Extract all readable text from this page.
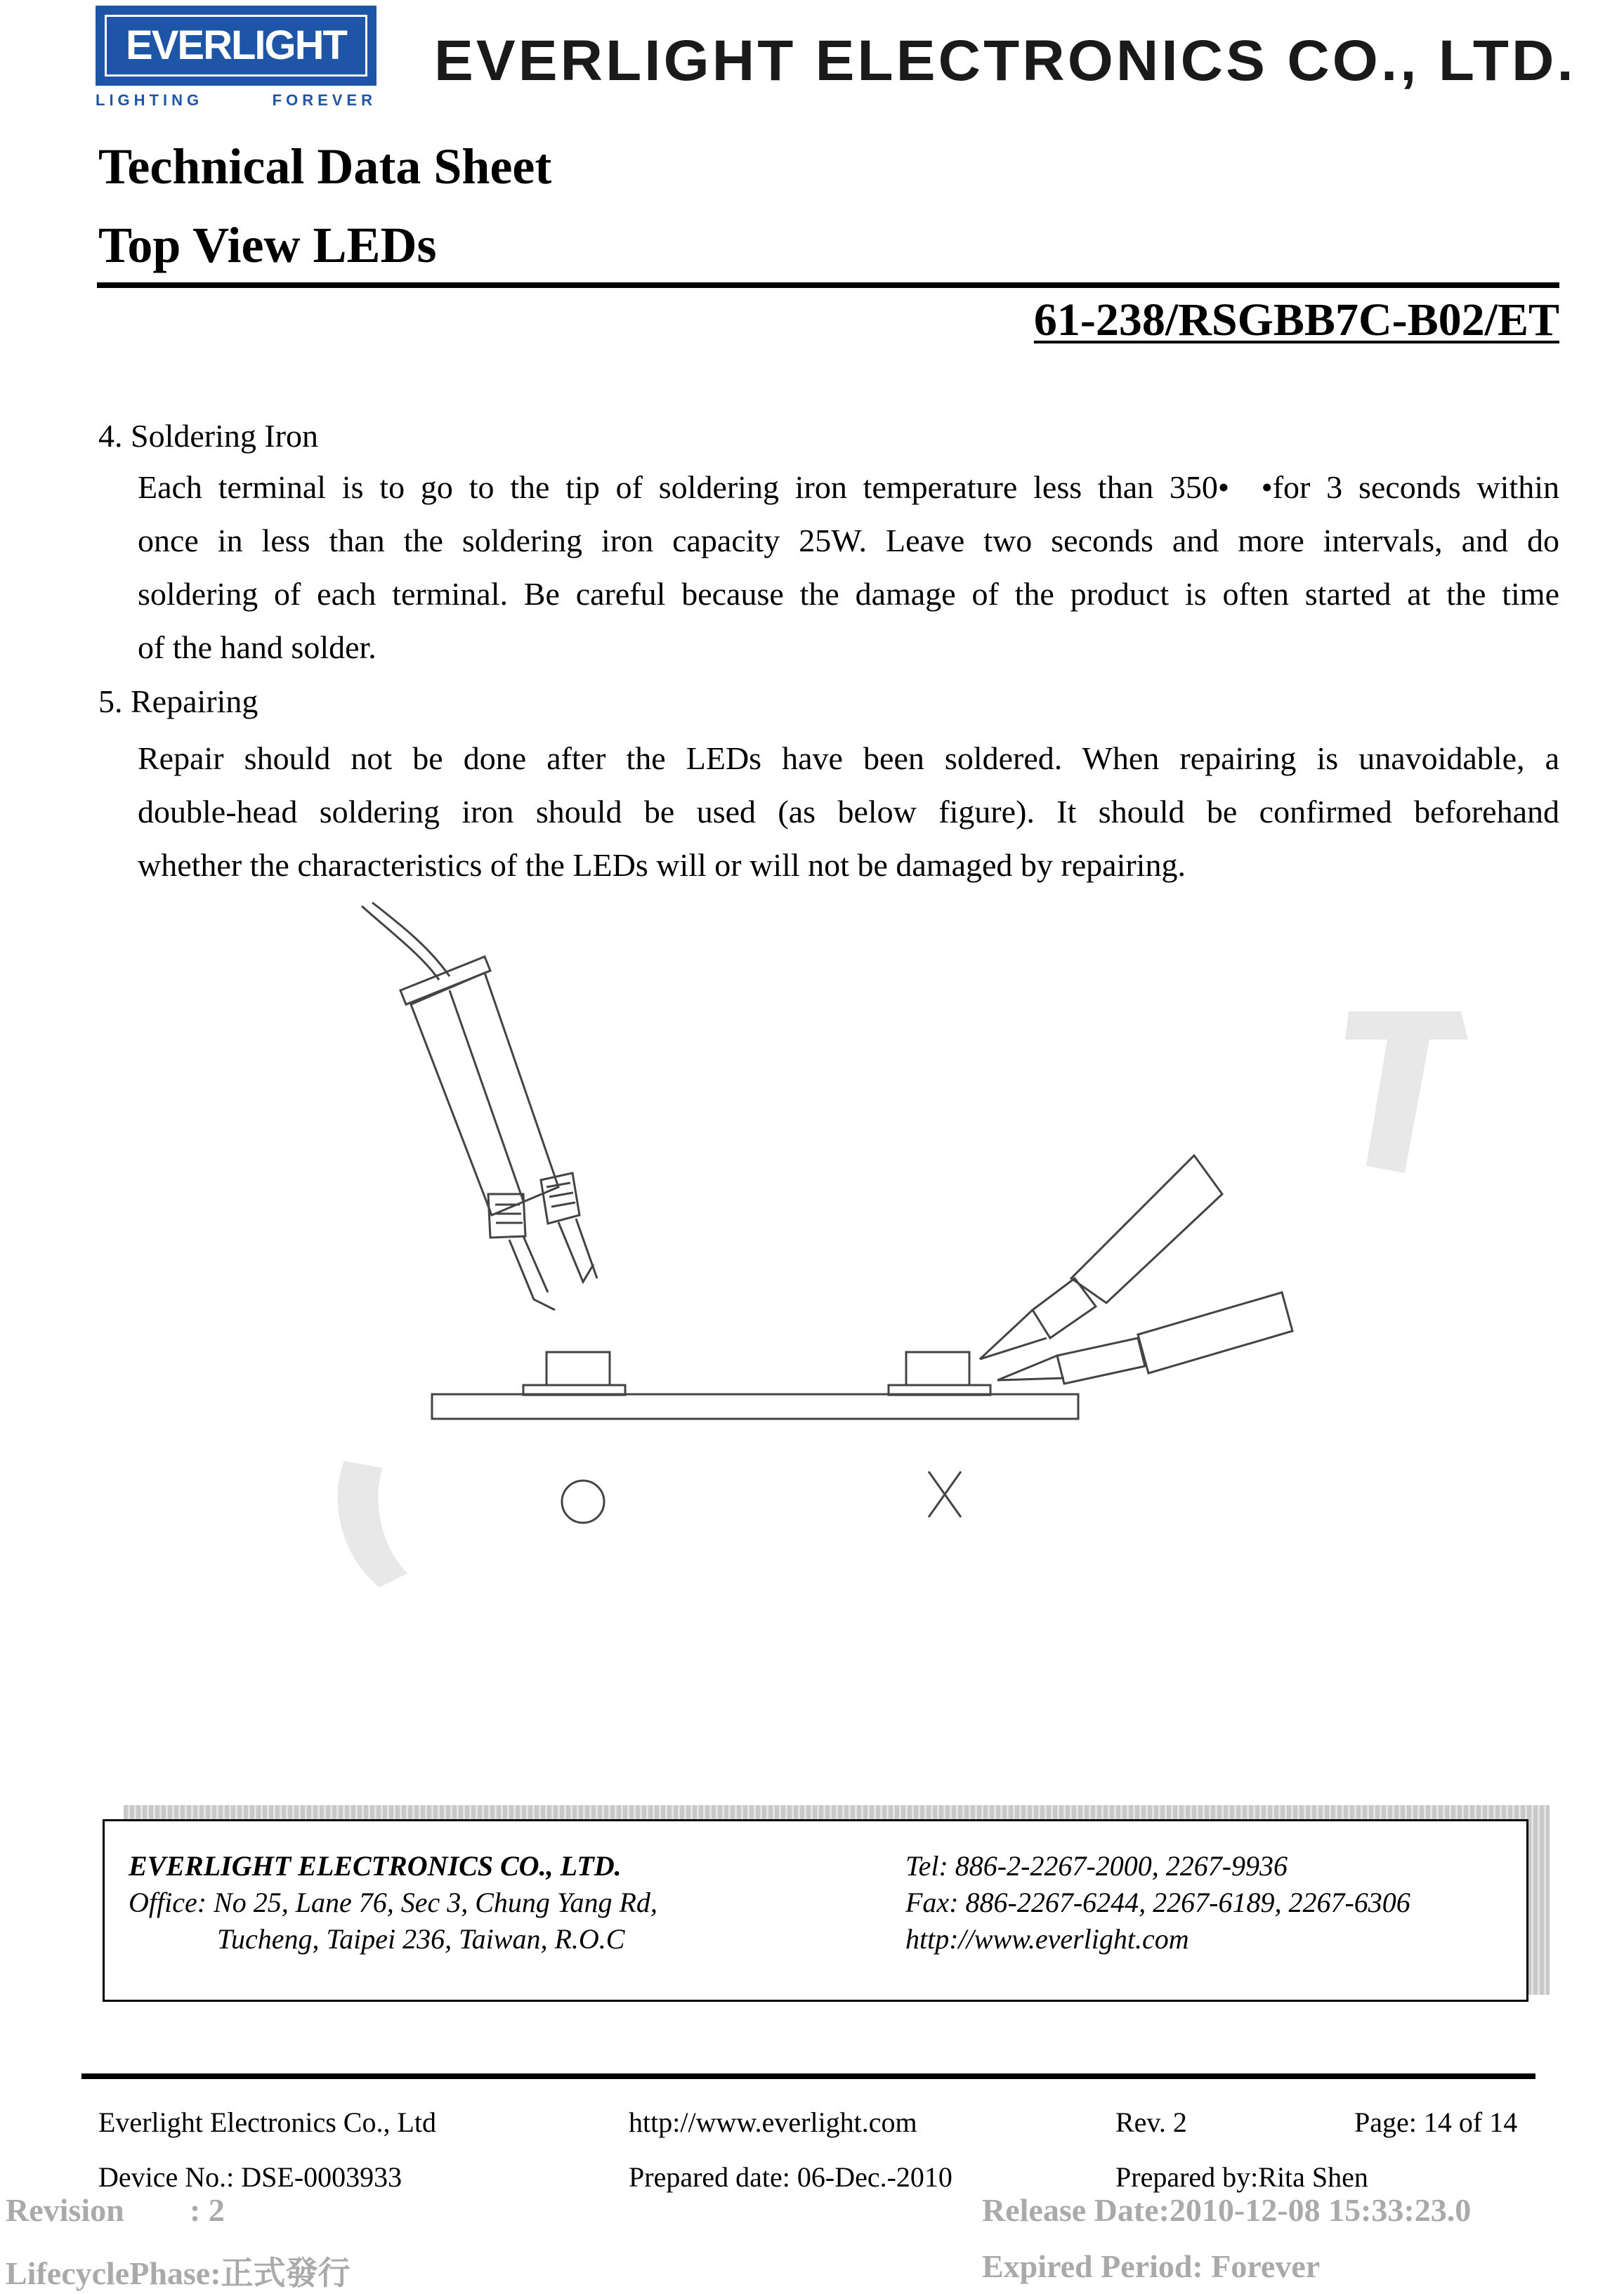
EVERLIGHT
LIGHTING	FOREVER
EVERLIGHT ELECTRONICS CO., LTD.
Technical Data Sheet
Top View LEDs
61-238/RSGBB7C-B02/ET
4. Soldering Iron
Each terminal is to go to the tip of soldering iron temperature less than 350•  •for 3 seconds within
once in less than the soldering iron capacity 25W. Leave two seconds and more intervals, and do
soldering of each terminal. Be careful because the damage of the product is often started at the time
of the hand solder.
5. Repairing
Repair should not be done after the LEDs have been soldered. When repairing is unavoidable, a
double-head soldering iron should be used (as below figure). It should be confirmed beforehand
whether the characteristics of the LEDs will or will not be damaged by repairing.
EVERLIGHT ELECTRONICS CO., LTD.
Office: No 25, Lane 76, Sec 3, Chung Yang Rd,
Tucheng, Taipei 236, Taiwan, R.O.C
Tel: 886-2-2267-2000, 2267-9936
Fax: 886-2267-6244, 2267-6189, 2267-6306
http://www.everlight.com
Everlight Electronics Co., Ltd	http://www.everlight.com	Rev. 2	Page: 14 of 14
Device No.: DSE-0003933	Prepared date: 06-Dec.-2010	Prepared by:Rita Shen
Revision : 2	Release Date:2010-12-08 15:33:23.0
LifecyclePhase:正式發行	Expired Period: Forever
